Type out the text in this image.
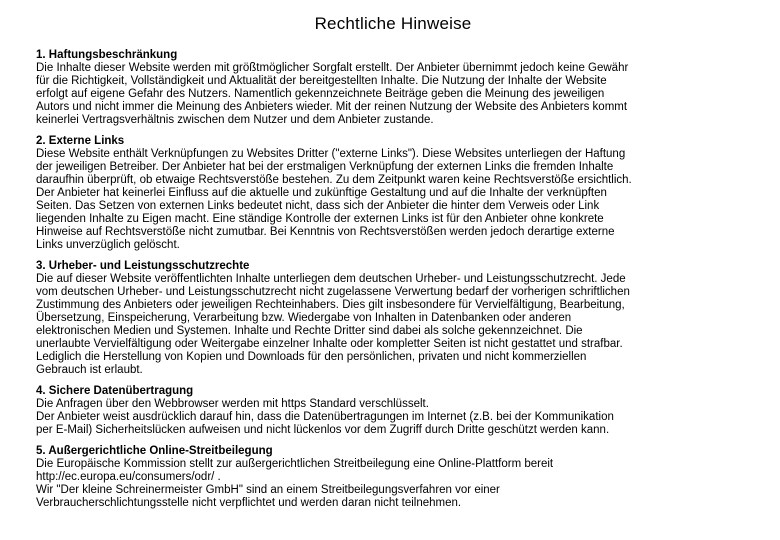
Rechtliche Hinweise
1. Haftungsbeschränkung
Die Inhalte dieser Website werden mit größtmöglicher Sorgfalt erstellt. Der Anbieter übernimmt jedoch keine Gewähr
für die Richtigkeit, Vollständigkeit und Aktualität der bereitgestellten Inhalte. Die Nutzung der Inhalte der Website
erfolgt auf eigene Gefahr des Nutzers. Namentlich gekennzeichnete Beiträge geben die Meinung des jeweiligen
Autors und nicht immer die Meinung des Anbieters wieder. Mit der reinen Nutzung der Website des Anbieters kommt
keinerlei Vertragsverhältnis zwischen dem Nutzer und dem Anbieter zustande.
2. Externe Links
Diese Website enthält Verknüpfungen zu Websites Dritter ("externe Links"). Diese Websites unterliegen der Haftung
der jeweiligen Betreiber. Der Anbieter hat bei der erstmaligen Verknüpfung der externen Links die fremden Inhalte
daraufhin überprüft, ob etwaige Rechtsverstöße bestehen. Zu dem Zeitpunkt waren keine Rechtsverstöße ersichtlich.
Der Anbieter hat keinerlei Einfluss auf die aktuelle und zukünftige Gestaltung und auf die Inhalte der verknüpften
Seiten. Das Setzen von externen Links bedeutet nicht, dass sich der Anbieter die hinter dem Verweis oder Link
liegenden Inhalte zu Eigen macht. Eine ständige Kontrolle der externen Links ist für den Anbieter ohne konkrete
Hinweise auf Rechtsverstöße nicht zumutbar. Bei Kenntnis von Rechtsverstößen werden jedoch derartige externe
Links unverzüglich gelöscht.
3. Urheber- und Leistungsschutzrechte
Die auf dieser Website veröffentlichten Inhalte unterliegen dem deutschen Urheber- und Leistungsschutzrecht. Jede
vom deutschen Urheber- und Leistungsschutzrecht nicht zugelassene Verwertung bedarf der vorherigen schriftlichen
Zustimmung des Anbieters oder jeweiligen Rechteinhabers. Dies gilt insbesondere für Vervielfältigung, Bearbeitung,
Übersetzung, Einspeicherung, Verarbeitung bzw. Wiedergabe von Inhalten in Datenbanken oder anderen
elektronischen Medien und Systemen. Inhalte und Rechte Dritter sind dabei als solche gekennzeichnet. Die
unerlaubte Vervielfältigung oder Weitergabe einzelner Inhalte oder kompletter Seiten ist nicht gestattet und strafbar.
Lediglich die Herstellung von Kopien und Downloads für den persönlichen, privaten und nicht kommerziellen
Gebrauch ist erlaubt.
4. Sichere Datenübertragung
Die Anfragen über den Webbrowser werden mit https Standard verschlüsselt.
Der Anbieter weist ausdrücklich darauf hin, dass die Datenübertragungen im Internet (z.B. bei der Kommunikation
per E-Mail) Sicherheitslücken aufweisen und nicht lückenlos vor dem Zugriff durch Dritte geschützt werden kann.
5. Außergerichtliche Online-Streitbeilegung
Die Europäische Kommission stellt zur außergerichtlichen Streitbeilegung eine Online-Plattform bereit
http://ec.europa.eu/consumers/odr/ .
Wir "Der kleine Schreinermeister GmbH" sind an einem Streitbeilegungsverfahren vor einer
Verbraucherschlichtungsstelle nicht verpflichtet und werden daran nicht teilnehmen.
